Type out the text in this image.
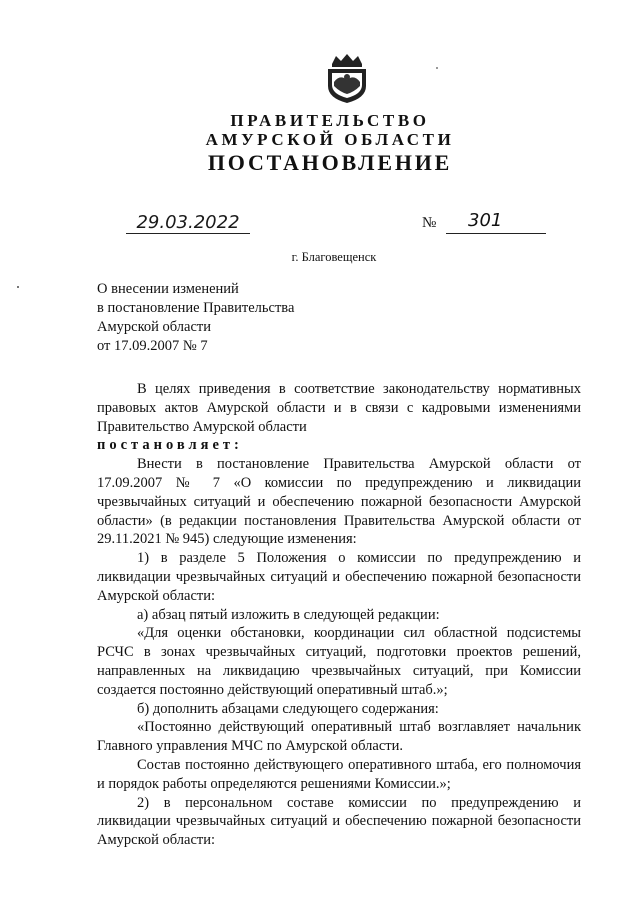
ПРАВИТЕЛЬСТВО
АМУРСКОЙ ОБЛАСТИ
ПОСТАНОВЛЕНИЕ
29.03.2022	№	301
г. Благовещенск
О внесении изменений
в постановление Правительства
Амурской области
от 17.09.2007 № 7

В целях приведения в соответствие законодательству нормативных правовых актов Амурской области и в связи с кадровыми изменениями Правительство Амурской области

постановляет:

Внести в постановление Правительства Амурской области от 17.09.2007 № 7 «О комиссии по предупреждению и ликвидации чрезвычайных ситуаций и обеспечению пожарной безопасности Амурской области» (в редакции постановления Правительства Амурской области от 29.11.2021 № 945) следующие изменения:

1) в разделе 5 Положения о комиссии по предупреждению и ликвидации чрезвычайных ситуаций и обеспечению пожарной безопасности Амурской области:

а) абзац пятый изложить в следующей редакции:

«Для оценки обстановки, координации сил областной подсистемы РСЧС в зонах чрезвычайных ситуаций, подготовки проектов решений, направленных на ликвидацию чрезвычайных ситуаций, при Комиссии создается постоянно действующий оперативный штаб.»;

б) дополнить абзацами следующего содержания:

«Постоянно действующий оперативный штаб возглавляет начальник Главного управления МЧС по Амурской области.

Состав постоянно действующего оперативного штаба, его полномочия и порядок работы определяются решениями Комиссии.»;

2) в персональном составе комиссии по предупреждению и ликвидации чрезвычайных ситуаций и обеспечению пожарной безопасности Амурской области:
